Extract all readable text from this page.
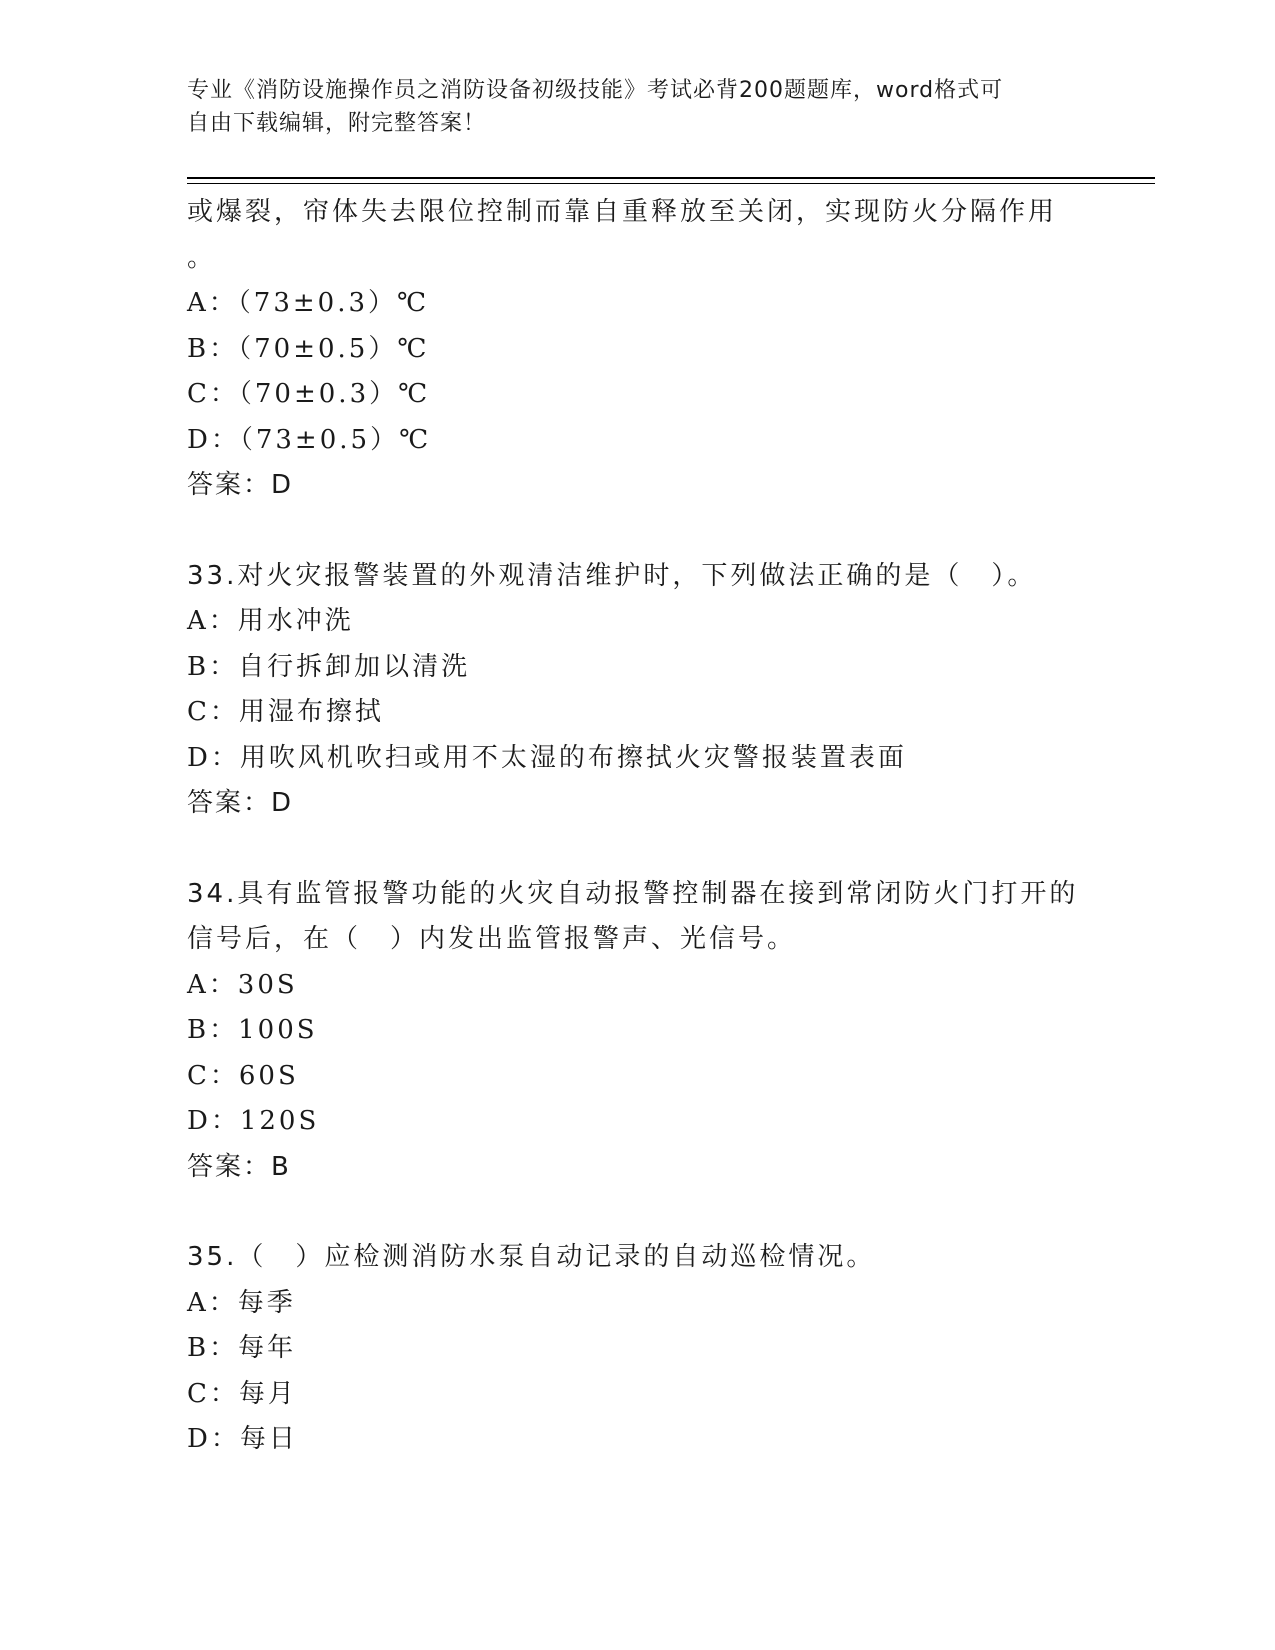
专业《消防设施操作员之消防设备初级技能》考试必背200题题库，word格式可
自由下载编辑，附完整答案！
或爆裂，帘体失去限位控制而靠自重释放至关闭，实现防火分隔作用
。
A：（73±0.3）℃
B：（70±0.5）℃
C：（70±0.3）℃
D：（73±0.5）℃
答案：D
33.对火灾报警装置的外观清洁维护时，下列做法正确的是（　）。
A：用水冲洗
B：自行拆卸加以清洗
C：用湿布擦拭
D：用吹风机吹扫或用不太湿的布擦拭火灾警报装置表面
答案：D
34.具有监管报警功能的火灾自动报警控制器在接到常闭防火门打开的
信号后，在（　）内发出监管报警声、光信号。
A：30S
B：100S
C：60S
D：120S
答案：B
35.（　）应检测消防水泵自动记录的自动巡检情况。
A：每季
B：每年
C：每月
D：每日
